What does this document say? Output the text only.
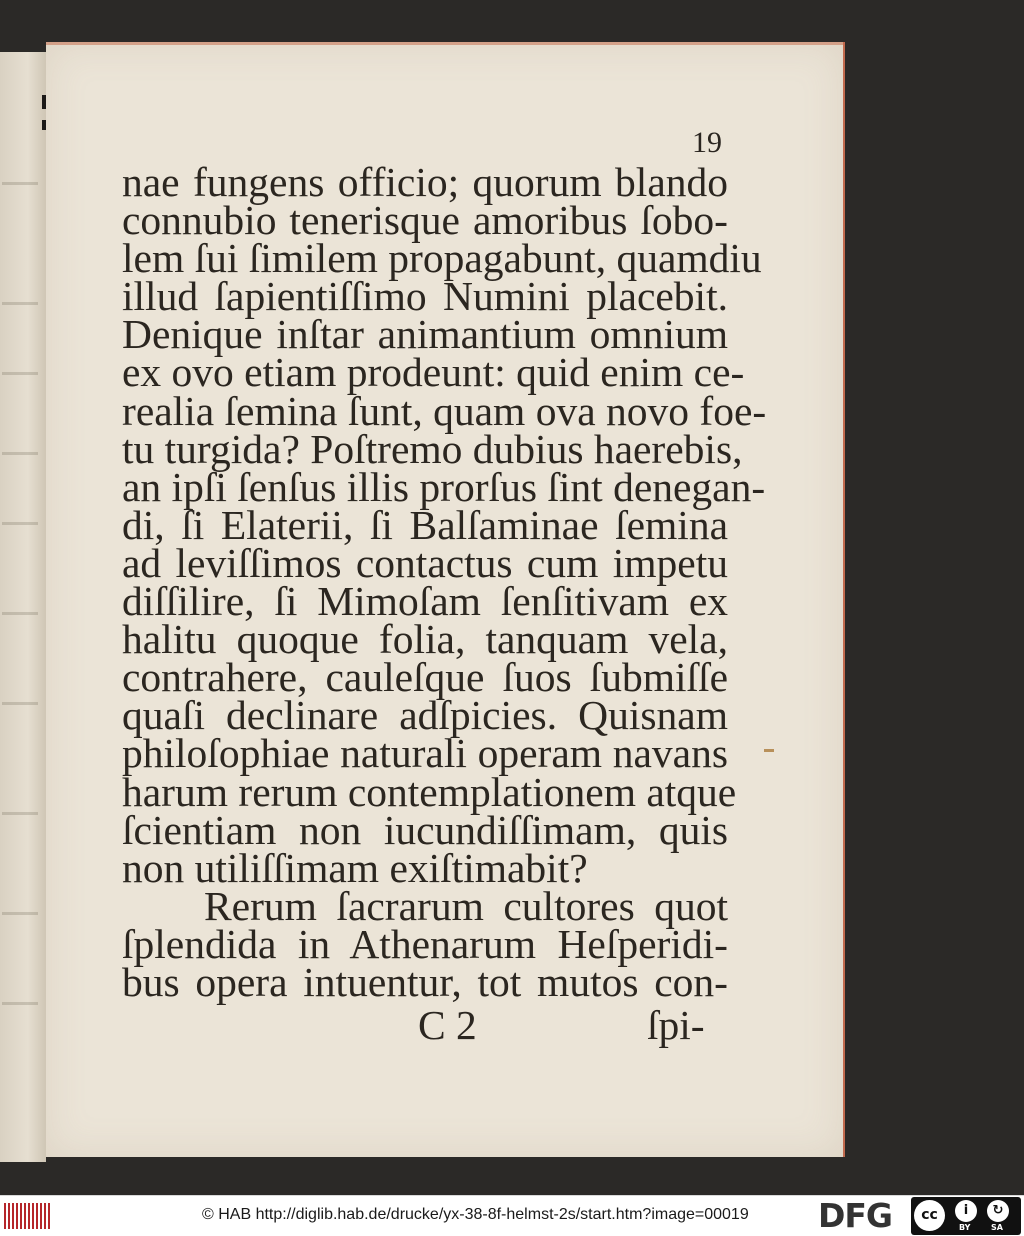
19
nae fungens officio; quorum blando
connubio tenerisque amoribus ſobo-
lem ſui ſimilem propagabunt, quamdiu
illud ſapientiſſimo Numini placebit.
Denique inſtar animantium omnium
ex ovo etiam prodeunt: quid enim ce-
realia ſemina ſunt, quam ova novo foe-
tu turgida? Poſtremo dubius haerebis,
an ipſi ſenſus illis prorſus ſint denegan-
di, ſi Elaterii, ſi Balſaminae ſemina
ad leviſſimos contactus cum impetu
diſſilire, ſi Mimoſam ſenſitivam ex
halitu quoque folia, tanquam vela,
contrahere, cauleſque ſuos ſubmiſſe
quaſi declinare adſpicies. Quisnam
philoſophiae naturali operam navans
harum rerum contemplationem atque
ſcientiam non iucundiſſimam, quis
non utiliſſimam exiſtimabit?
Rerum ſacrarum cultores quot
ſplendida in Athenarum Heſperidi-
bus opera intuentur, tot mutos con-
C 2	ſpi-
© HAB http://diglib.hab.de/drucke/yx-38-8f-helmst-2s/start.htm?image=00019 DFG	cc	i	↻
BY	SA
